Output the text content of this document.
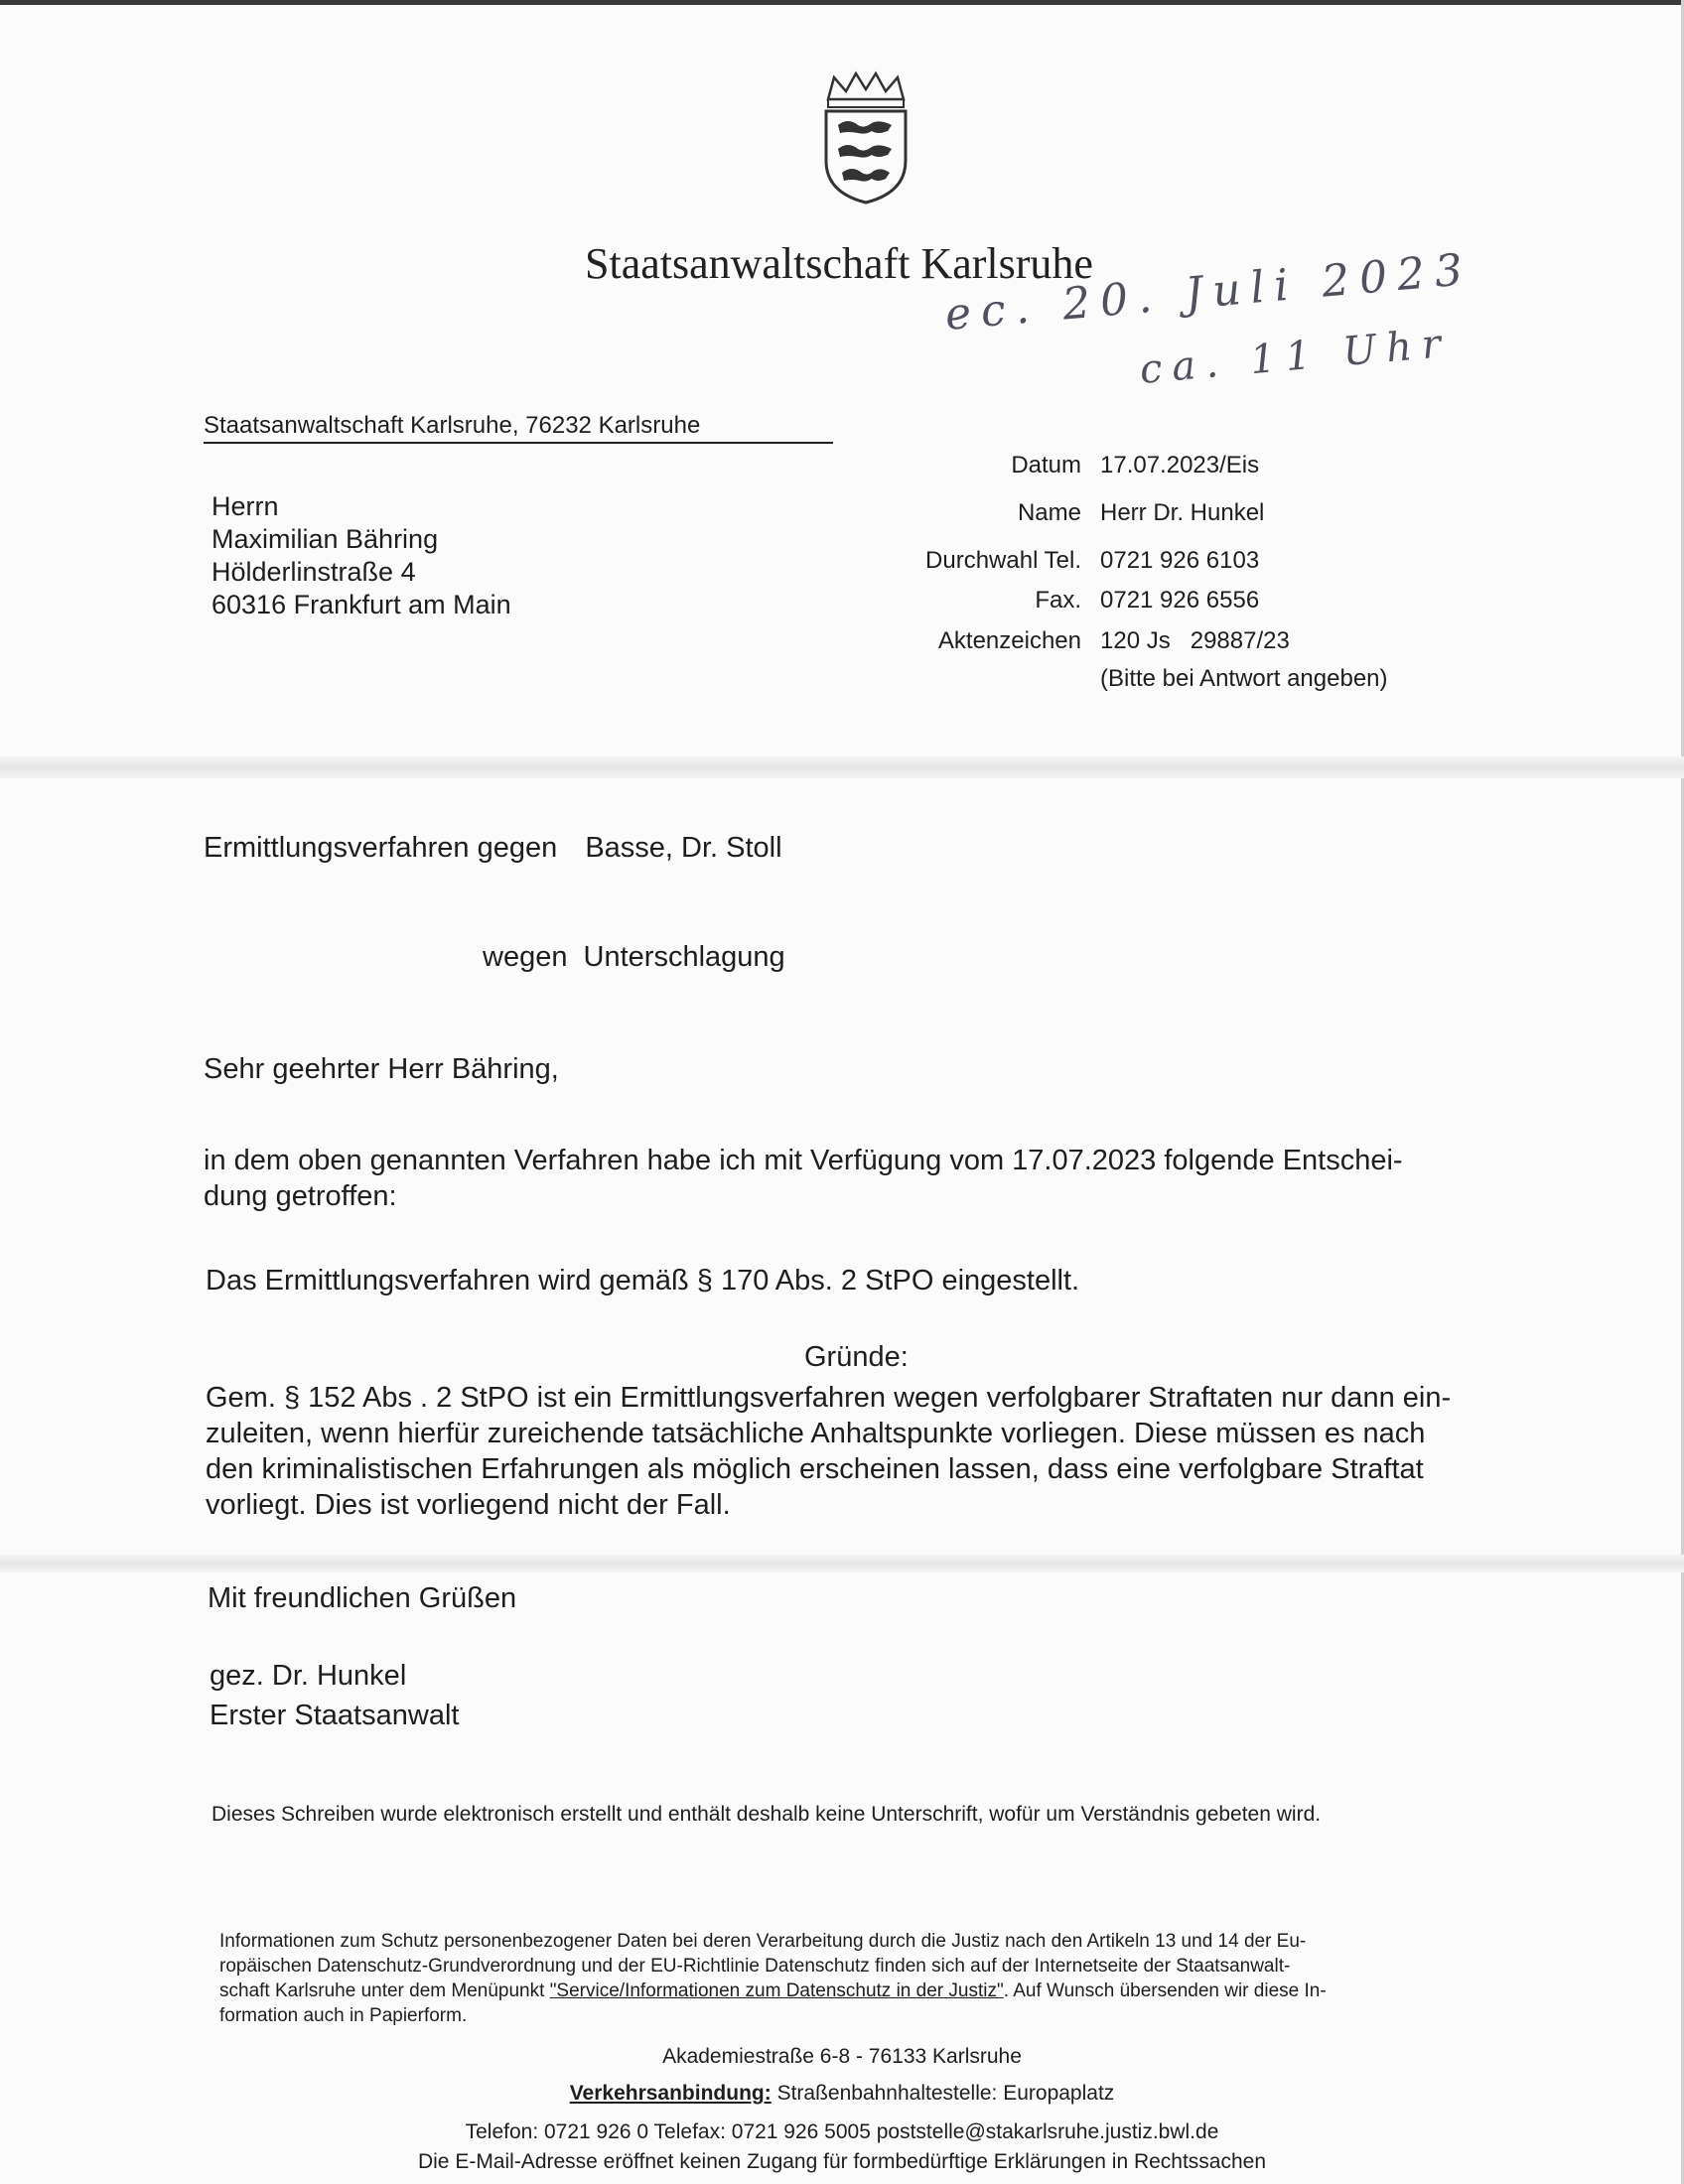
Staatsanwaltschaft Karlsruhe
ec. 20. Juli 2023
ca. 11 Uhr
Staatsanwaltschaft Karlsruhe, 76232 Karlsruhe
Herrn
Maximilian Bähring
Hölderlinstraße 4
60316 Frankfurt am Main
Datum 17.07.2023/Eis
Name Herr Dr. Hunkel
Durchwahl Tel. 0721 926 6103
Fax. 0721 926 6556
Aktenzeichen 120 Js   29887/23
(Bitte bei Antwort angeben)
Ermittlungsverfahren gegen Basse, Dr. Stoll
wegen Unterschlagung
Sehr geehrter Herr Bähring,
in dem oben genannten Verfahren habe ich mit Verfügung vom 17.07.2023 folgende Entschei-
dung getroffen:
Das Ermittlungsverfahren wird gemäß § 170 Abs. 2 StPO eingestellt.
Gründe:
Gem. § 152 Abs . 2 StPO ist ein Ermittlungsverfahren wegen verfolgbarer Straftaten nur dann ein-
zuleiten, wenn hierfür zureichende tatsächliche Anhaltspunkte vorliegen. Diese müssen es nach
den kriminalistischen Erfahrungen als möglich erscheinen lassen, dass eine verfolgbare Straftat
vorliegt. Dies ist vorliegend nicht der Fall.
Mit freundlichen Grüßen
gez. Dr. Hunkel
Erster Staatsanwalt
Dieses Schreiben wurde elektronisch erstellt und enthält deshalb keine Unterschrift, wofür um Verständnis gebeten wird.
Informationen zum Schutz personenbezogener Daten bei deren Verarbeitung durch die Justiz nach den Artikeln 13 und 14 der Eu-
ropäischen Datenschutz-Grundverordnung und der EU-Richtlinie Datenschutz finden sich auf der Internetseite der Staatsanwalt-
schaft Karlsruhe unter dem Menüpunkt "Service/Informationen zum Datenschutz in der Justiz". Auf Wunsch übersenden wir diese In-
formation auch in Papierform.
Akademiestraße 6-8 - 76133 Karlsruhe
Verkehrsanbindung: Straßenbahnhaltestelle: Europaplatz
Telefon: 0721 926 0 Telefax: 0721 926 5005 poststelle@stakarlsruhe.justiz.bwl.de
Die E-Mail-Adresse eröffnet keinen Zugang für formbedürftige Erklärungen in Rechtssachen
